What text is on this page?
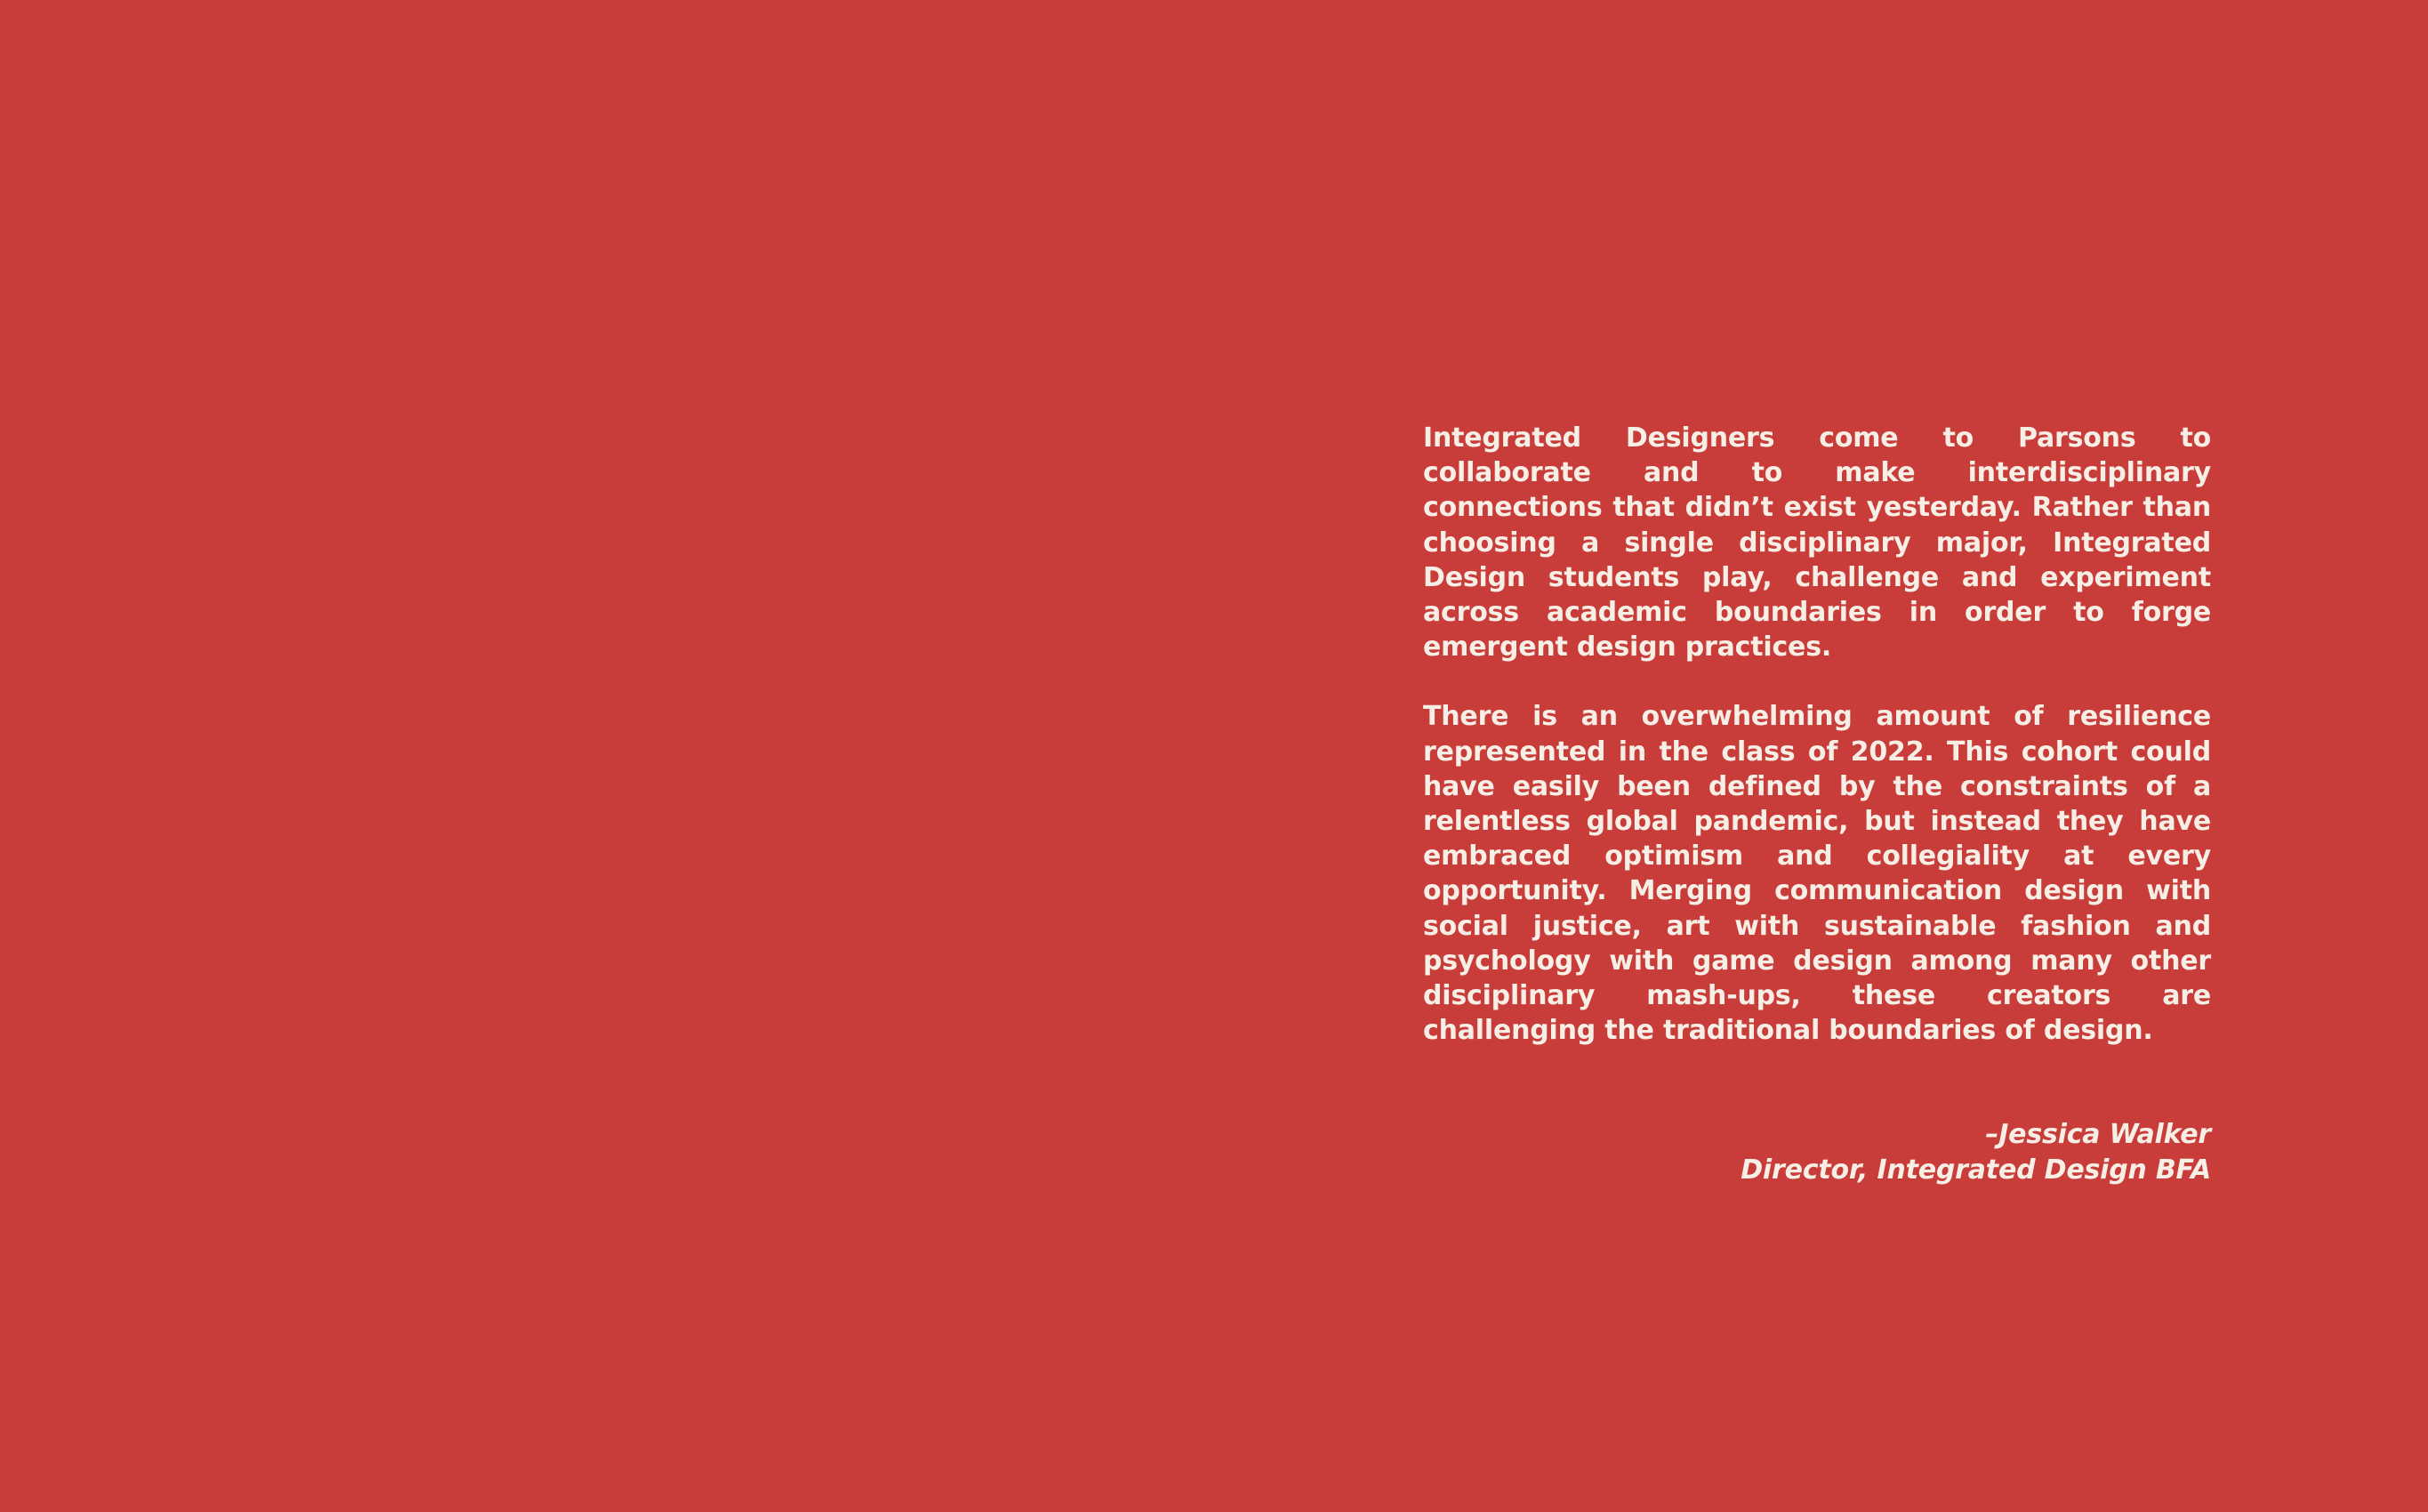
Integrated Designers come to Parsons to collaborate and to make interdisciplinary connections that didn’t exist yesterday. Rather than choosing a single disciplinary major, Integrated Design students play, challenge and experiment across academic boundaries in order to forge emergent design practices.

There is an overwhelming amount of resilience represented in the class of 2022. This cohort could have easily been defined by the constraints of a relentless global pandemic, but instead they have embraced optimism and collegiality at every opportunity. Merging communication design with social justice, art with sustainable fashion and psychology with game design among many other disciplinary mash-ups, these creators are challenging the traditional boundaries of design.

–Jessica Walker
Director, Integrated Design BFA
